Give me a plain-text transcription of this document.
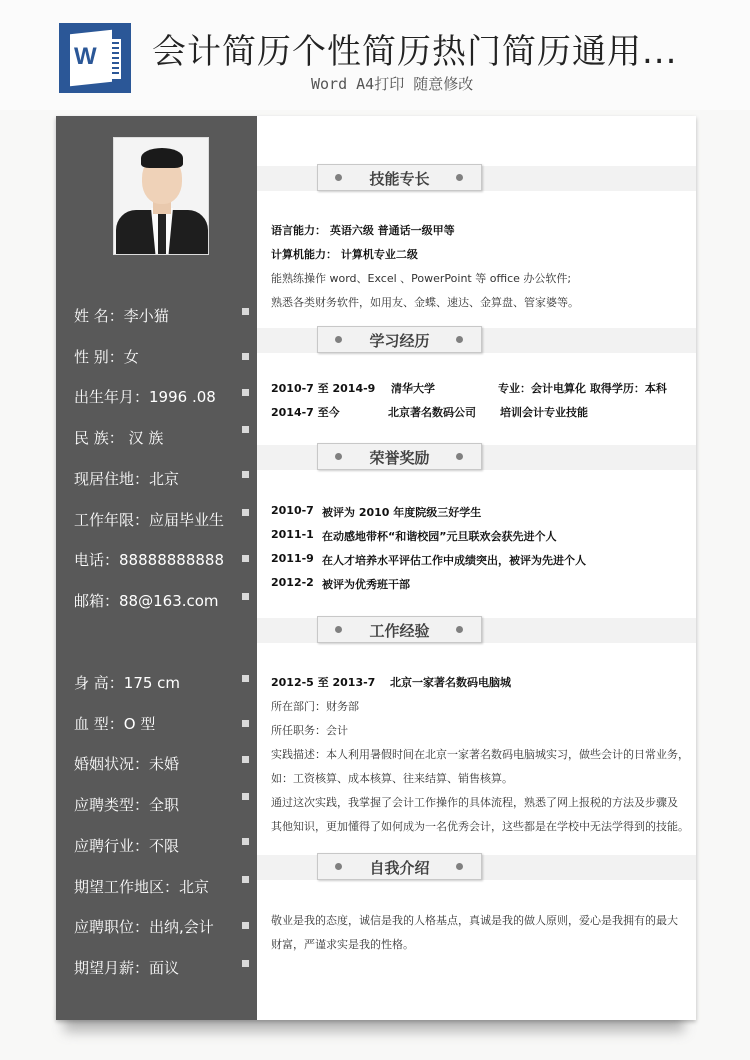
W 会计简历个性简历热门简历通用...
Word A4打印 随意修改
姓 名：李小猫
性 别：女
出生年月：1996 .08
民 族： 汉 族
现居住地：北京
工作年限：应届毕业生
电话：88888888888
邮箱：88@163.com
身 高：175 cm
血 型：O 型
婚姻状况：未婚
应聘类型：全职
应聘行业：不限
期望工作地区：北京
应聘职位：出纳,会计
期望月薪：面议
技能专长
语言能力： 英语六级 普通话一级甲等
计算机能力： 计算机专业二级
能熟练操作 word、Excel 、PowerPoint 等 office 办公软件;
熟悉各类财务软件，如用友、金蝶、速达、金算盘、管家婆等。
学习经历
2010-7 至 2014-9 清华大学	专业：会计电算化 取得学历：本科
2014-7 至今	北京著名数码公司 培训会计专业技能
荣誉奖励
2010-7 被评为 2010 年度院级三好学生
2011-1 在动感地带杯“和谐校园”元旦联欢会获先进个人
2011-9 在人才培养水平评估工作中成绩突出，被评为先进个人
2012-2 被评为优秀班干部
工作经验
2012-5 至 2013-7 北京一家著名数码电脑城
所在部门：财务部
所任职务：会计
实践描述：本人利用暑假时间在北京一家著名数码电脑城实习，做些会计的日常业务，
如：工资核算、成本核算、往来结算、销售核算。
通过这次实践，我掌握了会计工作操作的具体流程，熟悉了网上报税的方法及步骤及
其他知识，更加懂得了如何成为一名优秀会计，这些都是在学校中无法学得到的技能。
自我介绍
敬业是我的态度，诚信是我的人格基点，真诚是我的做人原则，爱心是我拥有的最大
财富，严谨求实是我的性格。
